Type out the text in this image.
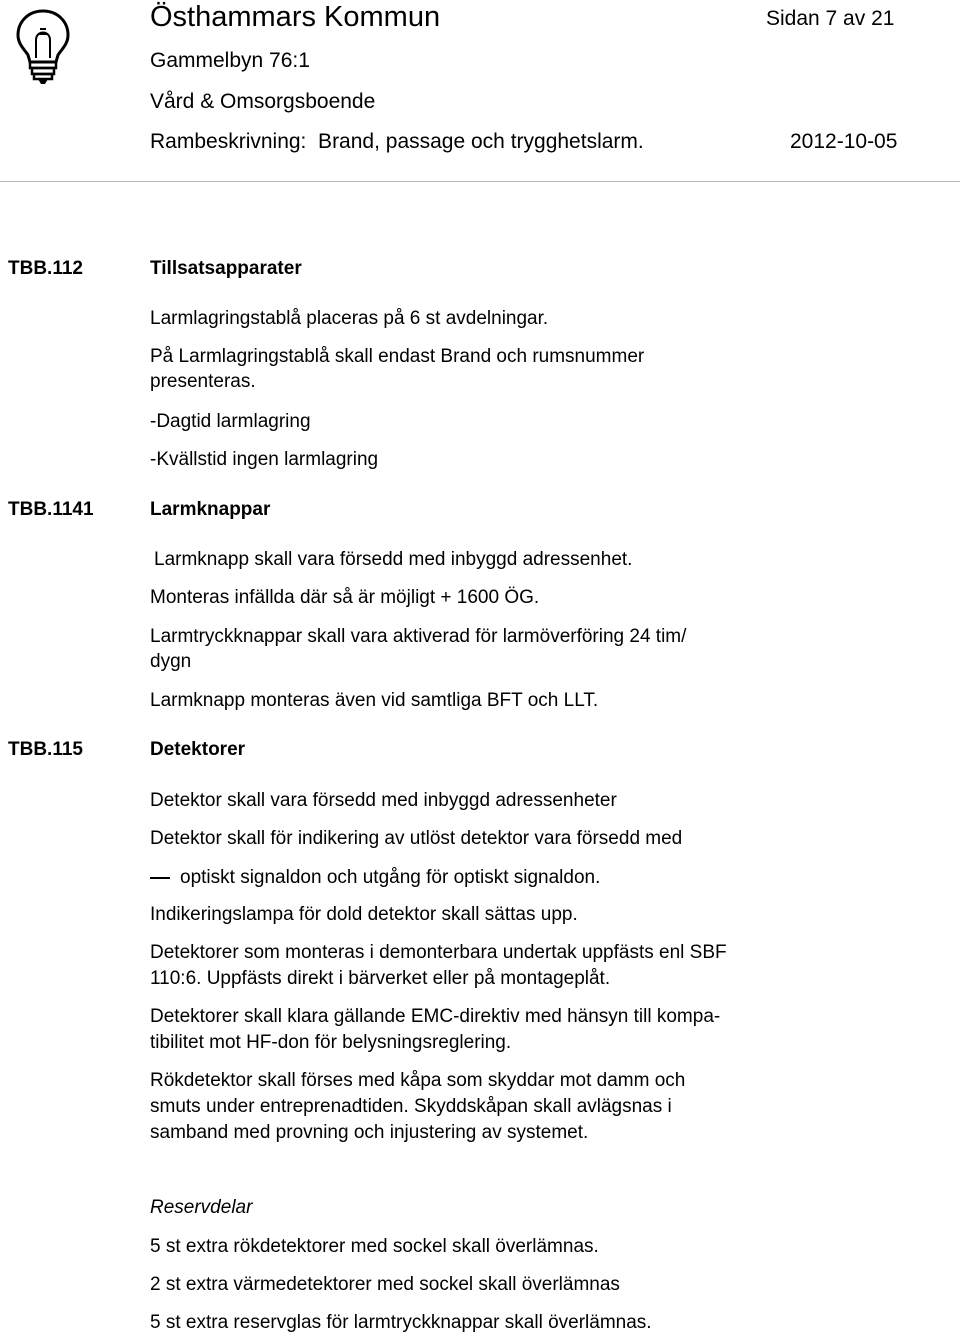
Östhammars Kommun	Sidan 7 av 21
Gammelbyn 76:1
Vård & Omsorgsboende
Rambeskrivning:  Brand, passage och trygghetslarm.	2012-10-05
TBB.112	Tillsatsapparater
Larmlagringstablå placeras på 6 st avdelningar.
På Larmlagringstablå skall endast Brand och rumsnummer
presenteras.
-Dagtid larmlagring
-Kvällstid ingen larmlagring
TBB.1141	Larmknappar
Larmknapp skall vara försedd med inbyggd adressenhet.
Monteras infällda där så är möjligt + 1600 ÖG.
Larmtryckknappar skall vara aktiverad för larmöverföring 24 tim/
dygn
Larmknapp monteras även vid samtliga BFT och LLT.
TBB.115	Detektorer
Detektor skall vara försedd med inbyggd adressenheter
Detektor skall för indikering av utlöst detektor vara försedd med
optiskt signaldon och utgång för optiskt signaldon.
Indikeringslampa för dold detektor skall sättas upp.
Detektorer som monteras i demonterbara undertak uppfästs enl SBF
110:6. Uppfästs direkt i bärverket eller på montageplåt.
Detektorer skall klara gällande EMC-direktiv med hänsyn till kompa-
tibilitet mot HF-don för belysningsreglering.
Rökdetektor skall förses med kåpa som skyddar mot damm och
smuts under entreprenadtiden. Skyddskåpan skall avlägsnas i
samband med provning och injustering av systemet.
Reservdelar
5 st extra rökdetektorer med sockel skall överlämnas.
2 st extra värmedetektorer med sockel skall överlämnas
5 st extra reservglas för larmtryckknappar skall överlämnas.
